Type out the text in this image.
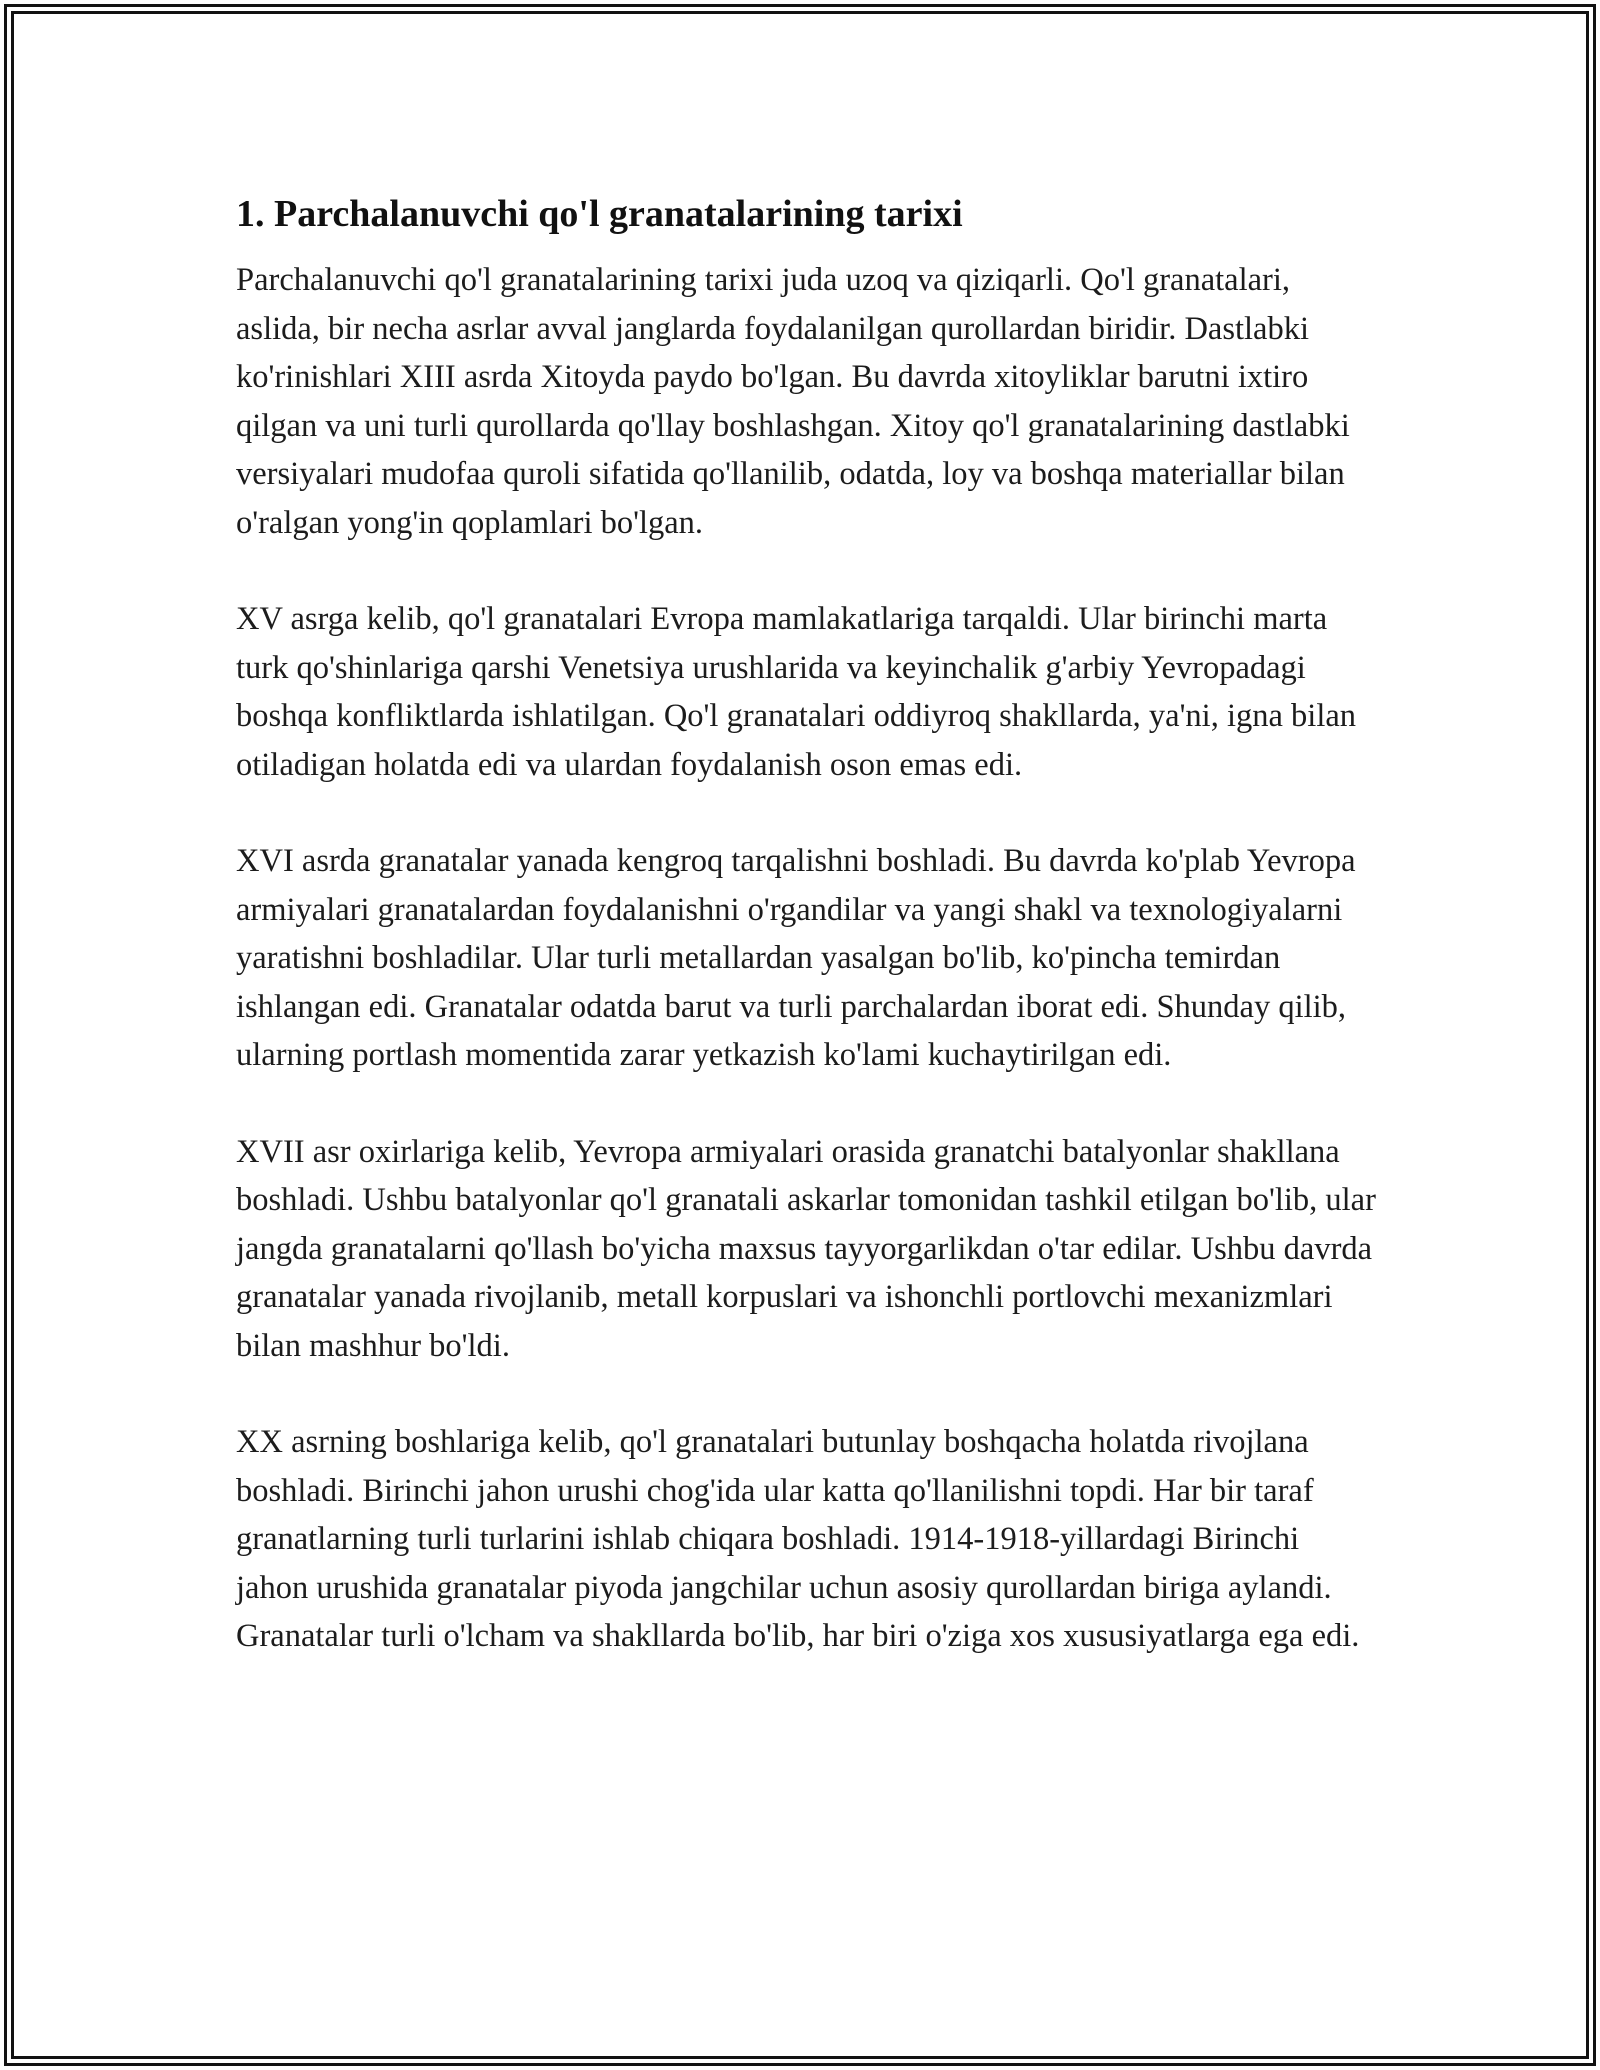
1. Parchalanuvchi qo'l granatalarining tarixi

Parchalanuvchi qo'l granatalarining tarixi juda uzoq va qiziqarli. Qo'l granatalari, aslida, bir necha asrlar avval janglarda foydalanilgan qurollardan biridir. Dastlabki ko'rinishlari XIII asrda Xitoyda paydo bo'lgan. Bu davrda xitoyliklar barutni ixtiro qilgan va uni turli qurollarda qo'llay boshlashgan. Xitoy qo'l granatalarining dastlabki versiyalari mudofaa quroli sifatida qo'llanilib, odatda, loy va boshqa materiallar bilan o'ralgan yong'in qoplamlari bo'lgan.

XV asrga kelib, qo'l granatalari Evropa mamlakatlariga tarqaldi. Ular birinchi marta turk qo'shinlariga qarshi Venetsiya urushlarida va keyinchalik g'arbiy Yevropadagi boshqa konfliktlarda ishlatilgan. Qo'l granatalari oddiyroq shakllarda, ya'ni, igna bilan otiladigan holatda edi va ulardan foydalanish oson emas edi.

XVI asrda granatalar yanada kengroq tarqalishni boshladi. Bu davrda ko'plab Yevropa armiyalari granatalardan foydalanishni o'rgandilar va yangi shakl va texnologiyalarni yaratishni boshladilar. Ular turli metallardan yasalgan bo'lib, ko'pincha temirdan ishlangan edi. Granatalar odatda barut va turli parchalardan iborat edi. Shunday qilib, ularning portlash momentida zarar yetkazish ko'lami kuchaytirilgan edi.

XVII asr oxirlariga kelib, Yevropa armiyalari orasida granatchi batalyonlar shakllana boshladi. Ushbu batalyonlar qo'l granatali askarlar tomonidan tashkil etilgan bo'lib, ular jangda granatalarni qo'llash bo'yicha maxsus tayyorgarlikdan o'tar edilar. Ushbu davrda granatalar yanada rivojlanib, metall korpuslari va ishonchli portlovchi mexanizmlari bilan mashhur bo'ldi.

XX asrning boshlariga kelib, qo'l granatalari butunlay boshqacha holatda rivojlana boshladi. Birinchi jahon urushi chog'ida ular katta qo'llanilishni topdi. Har bir taraf granatlarning turli turlarini ishlab chiqara boshladi. 1914-1918-yillardagi Birinchi jahon urushida granatalar piyoda jangchilar uchun asosiy qurollardan biriga aylandi. Granatalar turli o'lcham va shakllarda bo'lib, har biri o'ziga xos xususiyatlarga ega edi.
